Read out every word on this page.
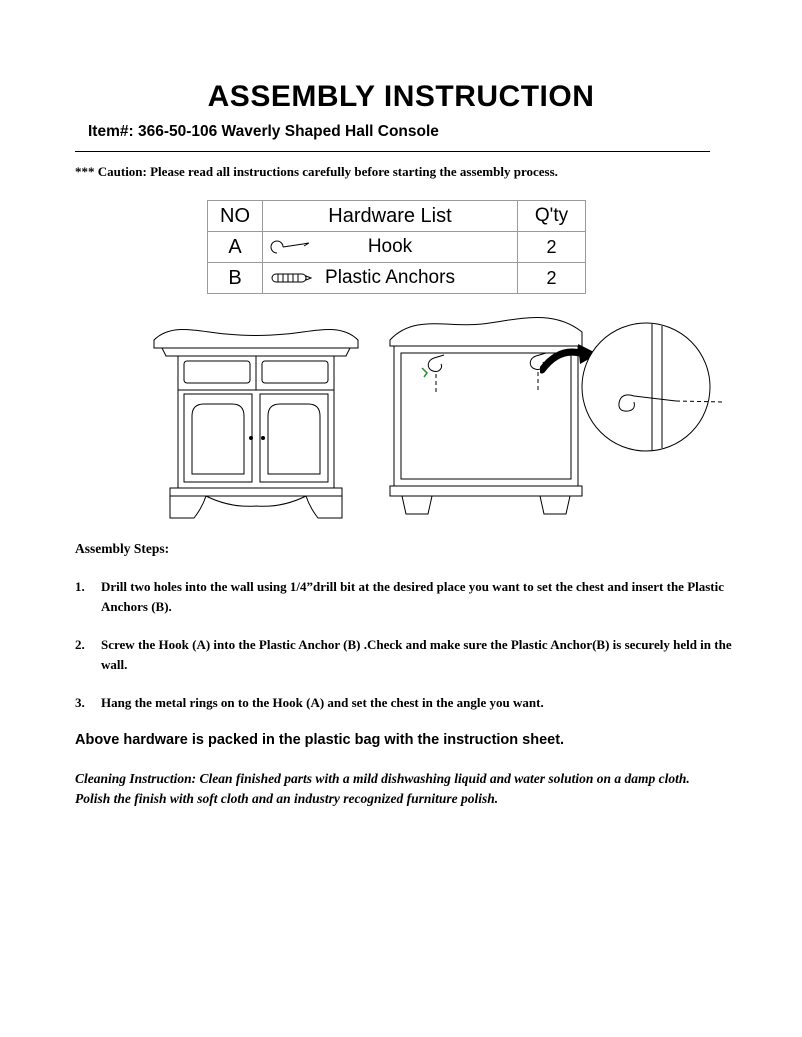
ASSEMBLY INSTRUCTION
Item#: 366-50-106 Waverly Shaped Hall Console
*** Caution: Please read all instructions carefully before starting the assembly process.
NO	Hardware List	Q'ty
A	Hook	2
B	Plastic Anchors	2
Assembly Steps:
1. Drill two holes into the wall using 1/4”drill bit at the desired place you want to set the chest and insert the Plastic Anchors (B).
2. Screw the Hook (A) into the Plastic Anchor (B) .Check and make sure the Plastic Anchor(B) is securely held in the wall.
3. Hang the metal rings on to the Hook (A) and set the chest in the angle you want.
Above hardware is packed in the plastic bag with the instruction sheet.
Cleaning Instruction: Clean finished parts with a mild dishwashing liquid and water solution on a damp cloth.    Polish the finish with soft cloth and an industry recognized furniture polish.
